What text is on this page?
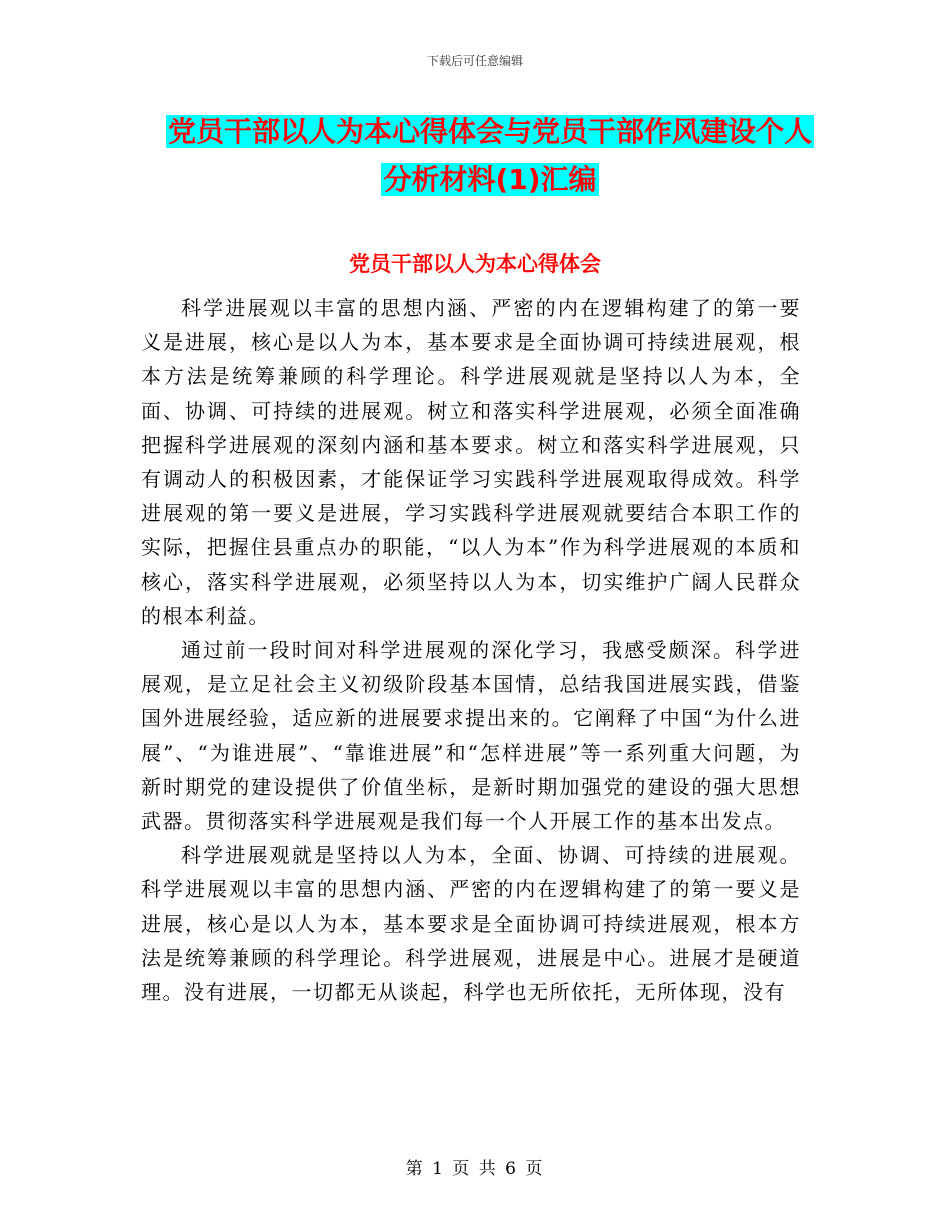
下载后可任意编辑
党员干部以人为本心得体会与党员干部作风建设个人
分析材料(1)汇编
党员干部以人为本心得体会

科学进展观以丰富的思想内涵、严密的内在逻辑构建了的第一要义是进展，核心是以人为本，基本要求是全面协调可持续进展观，根本方法是统筹兼顾的科学理论。科学进展观就是坚持以人为本，全面、协调、可持续的进展观。树立和落实科学进展观，必须全面准确把握科学进展观的深刻内涵和基本要求。树立和落实科学进展观，只有调动人的积极因素，才能保证学习实践科学进展观取得成效。科学进展观的第一要义是进展，学习实践科学进展观就要结合本职工作的实际，把握住县重点办的职能，“以人为本”作为科学进展观的本质和核心，落实科学进展观，必须坚持以人为本，切实维护广阔人民群众的根本利益。

通过前一段时间对科学进展观的深化学习，我感受颇深。科学进展观，是立足社会主义初级阶段基本国情，总结我国进展实践，借鉴国外进展经验，适应新的进展要求提出来的。它阐释了中国“为什么进展”、“为谁进展”、“靠谁进展”和“怎样进展”等一系列重大问题，为新时期党的建设提供了价值坐标，是新时期加强党的建设的强大思想武器。贯彻落实科学进展观是我们每一个人开展工作的基本出发点。

科学进展观就是坚持以人为本，全面、协调、可持续的进展观。科学进展观以丰富的思想内涵、严密的内在逻辑构建了的第一要义是进展，核心是以人为本，基本要求是全面协调可持续进展观，根本方法是统筹兼顾的科学理论。科学进展观，进展是中心。进展才是硬道理。没有进展，一切都无从谈起，科学也无所依托，无所体现，没有

第 1 页 共 6 页
